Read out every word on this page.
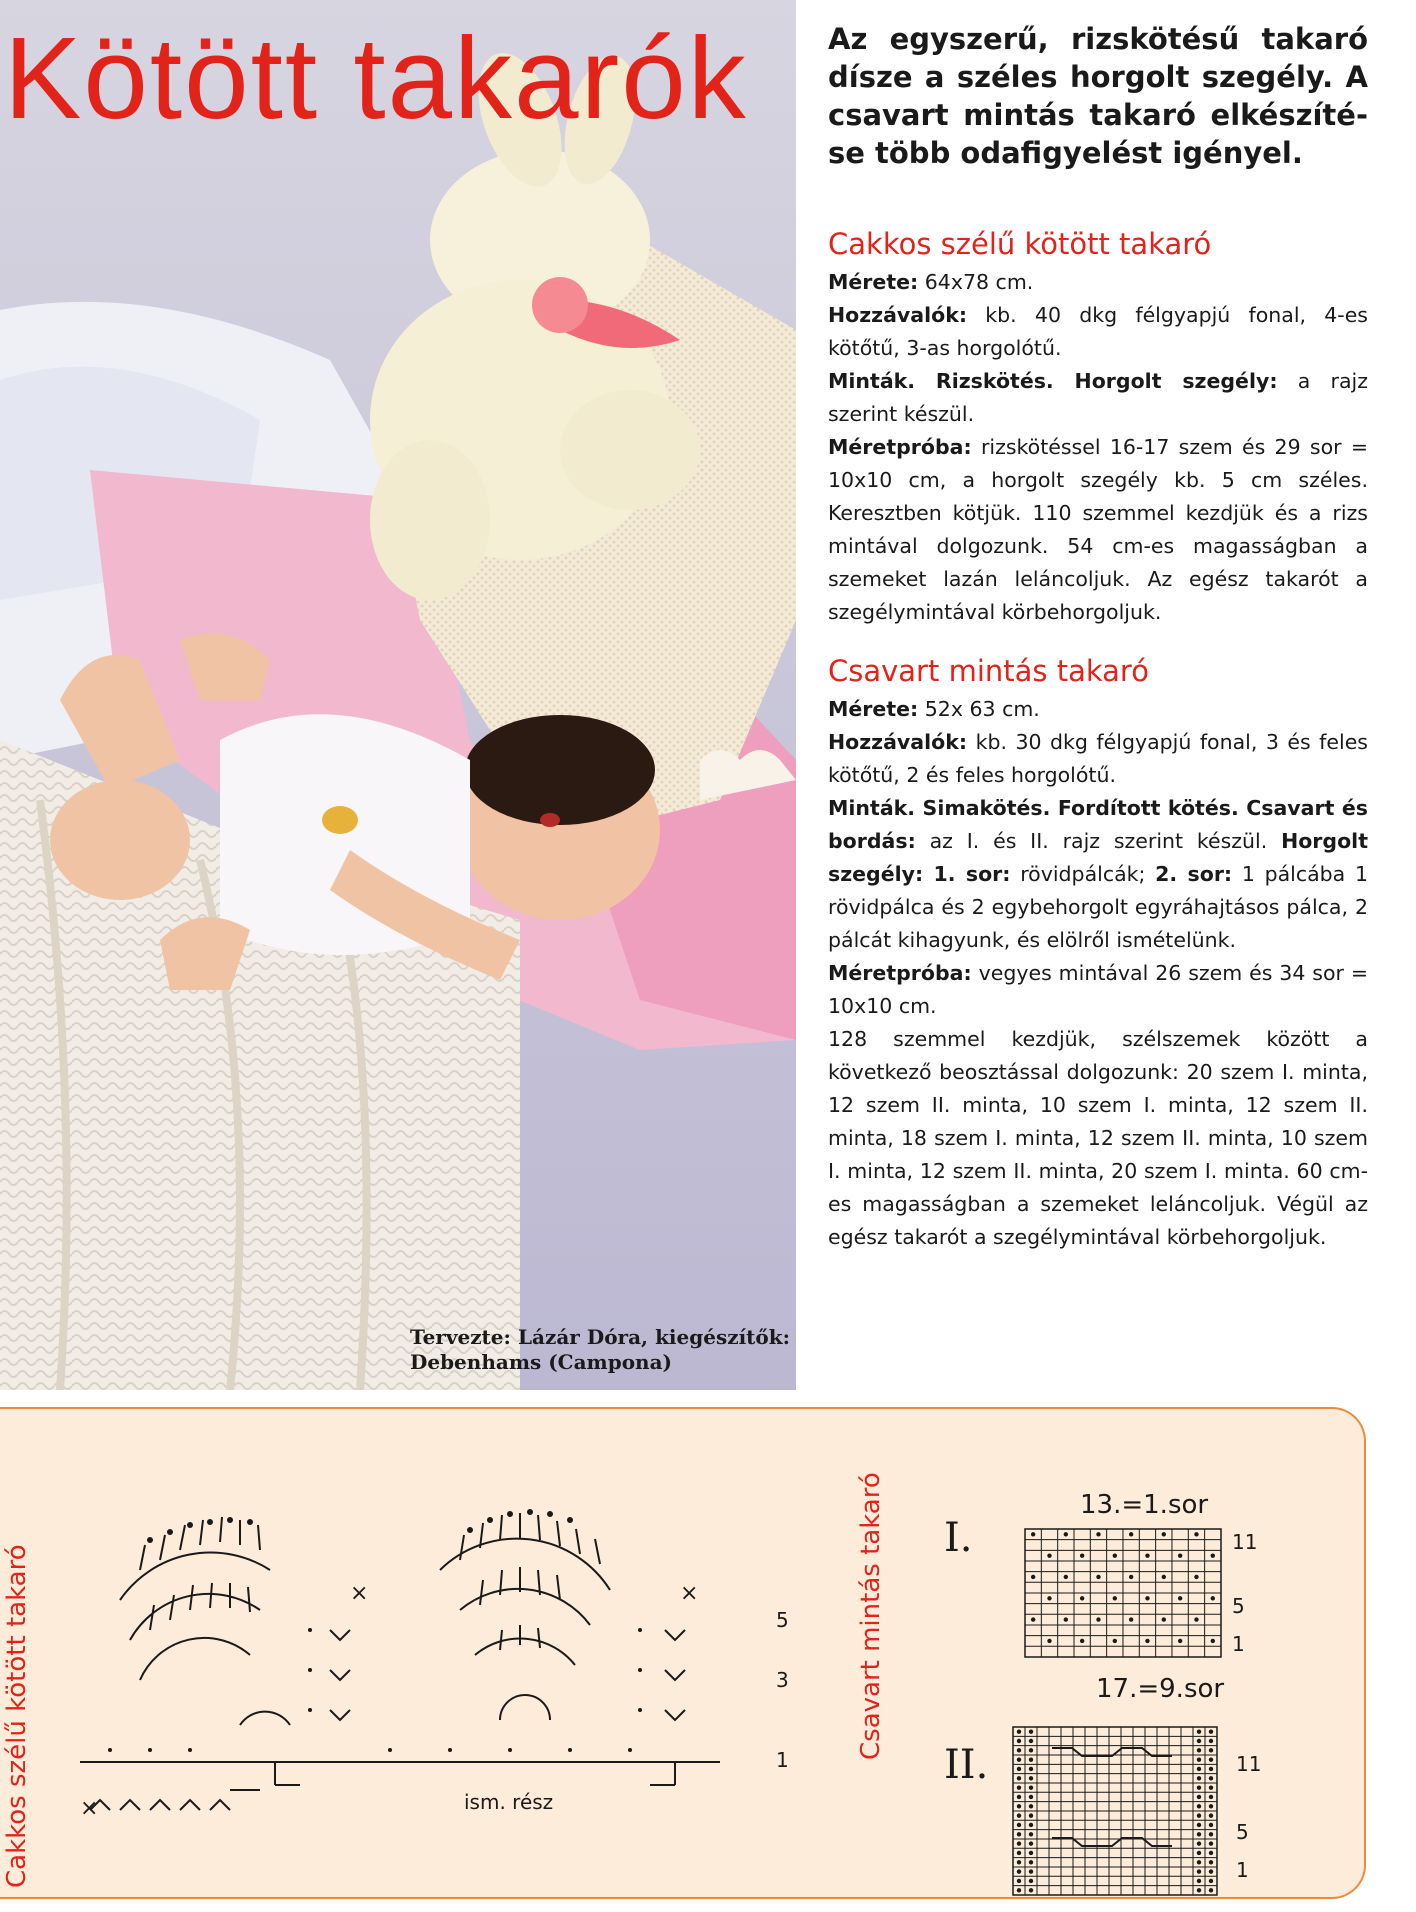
Kötött takarók
Tervezte: Lázár Dóra, kiegészítők: Debenhams (Campona)

Az egyszerű, rizskötésű takaró dísze a széles horgolt szegély. A csavart mintás takaró elkészítése több odafigyelést igényel.

Cakkos szélű kötött takaró

Mérete: 64x78 cm.

Hozzávalók: kb. 40 dkg félgyapjú fonal, 4-es kötőtű, 3-as horgolótű.

Minták. Rizskötés. Horgolt szegély: a rajz szerint készül.

Méretpróba: rizskötéssel 16-17 szem és 29 sor = 10x10 cm, a horgolt szegély kb. 5 cm széles. Keresztben kötjük. 110 szemmel kezdjük és a rizs mintával dolgozunk. 54 cm-es magasságban a szemeket lazán leláncoljuk. Az egész takarót a szegélymintával körbehorgoljuk.

Csavart mintás takaró

Mérete: 52x 63 cm.

Hozzávalók: kb. 30 dkg félgyapjú fonal, 3 és feles kötőtű, 2 és feles horgolótű.

Minták. Simakötés. Fordított kötés. Csavart és bordás: az I. és II. rajz szerint készül. Horgolt szegély: 1. sor: rövidpálcák; 2. sor: 1 pálcába 1 rövidpálca és 2 egybehorgolt egyráhajtásos pálca, 2 pálcát kihagyunk, és elölről ismételünk.

Méretpróba: vegyes mintával 26 szem és 34 sor = 10x10 cm.

128 szemmel kezdjük, szélszemek között a következő beosztással dolgozunk: 20 szem I. minta, 12 szem II. minta, 10 szem I. minta, 12 szem II. minta, 18 szem I. minta, 12 szem II. minta, 10 szem I. minta, 12 szem II. minta, 20 szem I. minta. 60 cm-es magasságban a szemeket leláncoljuk. Végül az egész takarót a szegélymintával körbehorgoljuk.

Cakkos szélű kötött takaró	Csavart mintás takaró
×
×	×
5
3
1
ism. rész
I.
13.=1.sor
11
5
1
II.
17.=9.sor
11
5
1
